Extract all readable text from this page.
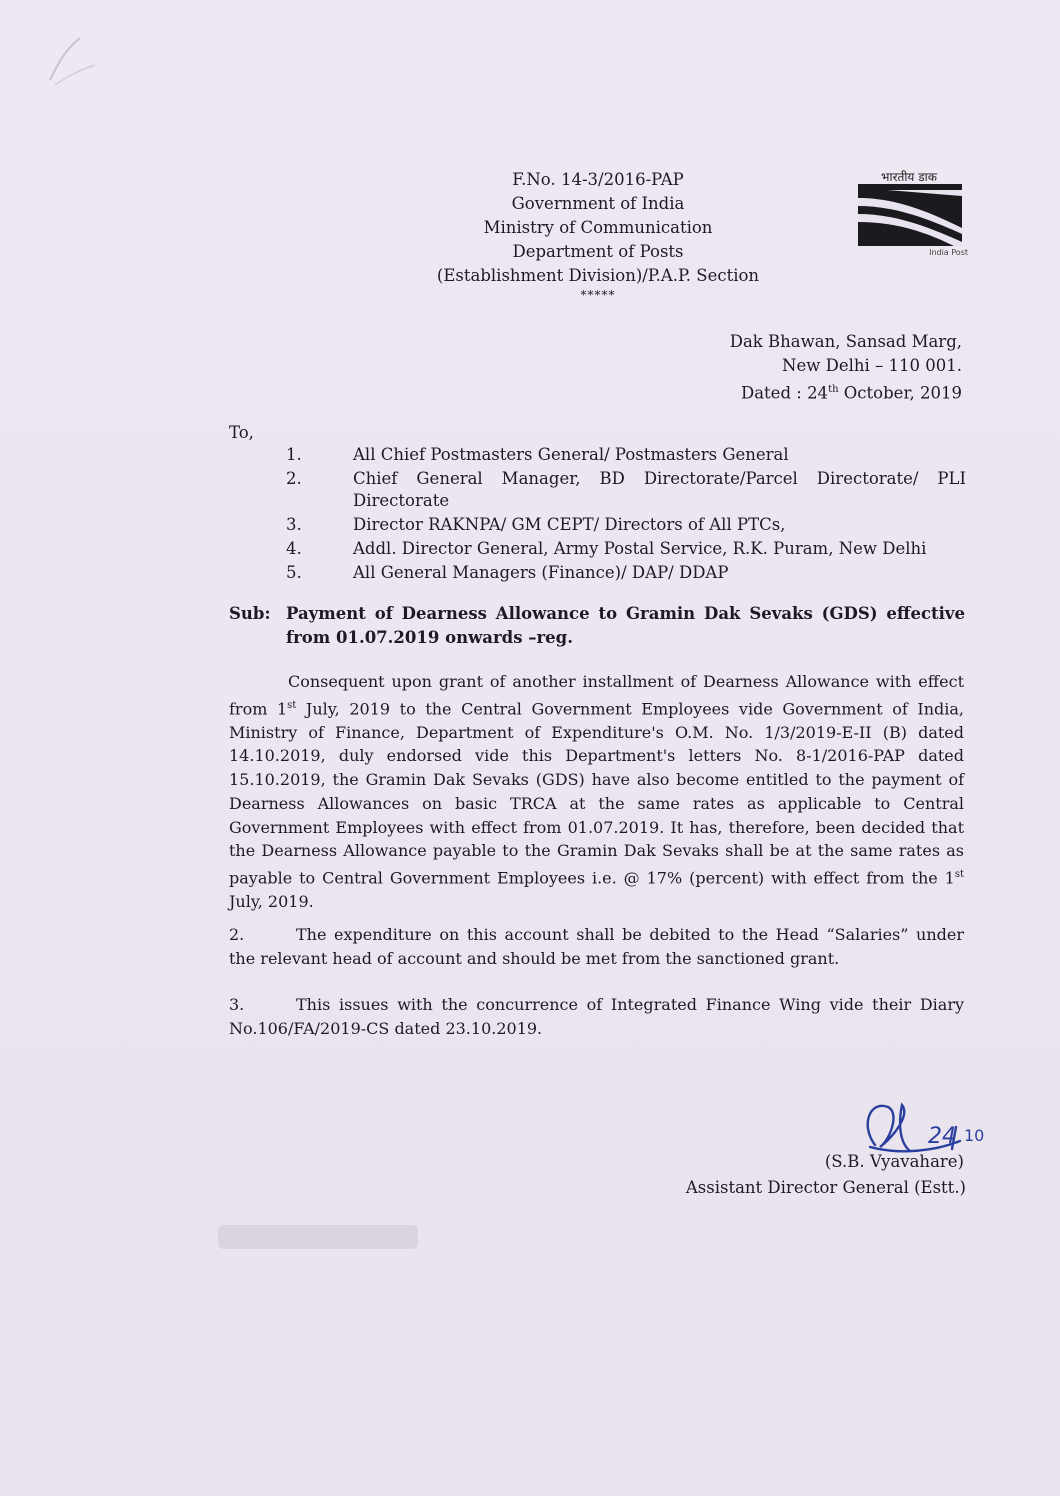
F.No. 14-3/2016-PAP
Government of India
Ministry of Communication
Department of Posts
(Establishment Division)/P.A.P. Section
*****
भारतीय डाक
India Post
Dak Bhawan, Sansad Marg,
New Delhi – 110 001.
Dated : 24th October, 2019
To,
1.	All Chief Postmasters General/ Postmasters General
2.	Chief General Manager, BD Directorate/Parcel Directorate/ PLI Directorate
3.	Director RAKNPA/ GM CEPT/ Directors of All PTCs,
4.	Addl. Director General, Army Postal Service, R.K. Puram, New Delhi
5.	All General Managers (Finance)/ DAP/ DDAP
Sub: Payment of Dearness Allowance to Gramin Dak Sevaks (GDS) effective from 01.07.2019 onwards –reg.
Consequent upon grant of another installment of Dearness Allowance with effect from 1st July, 2019 to the Central Government Employees vide Government of India, Ministry of Finance, Department of Expenditure's O.M. No. 1/3/2019-E-II (B) dated 14.10.2019, duly endorsed vide this Department's letters No. 8-1/2016-PAP dated 15.10.2019, the Gramin Dak Sevaks (GDS) have also become entitled to the payment of Dearness Allowances on basic TRCA at the same rates as applicable to Central Government Employees with effect from 01.07.2019. It has, therefore, been decided that the Dearness Allowance payable to the Gramin Dak Sevaks shall be at the same rates as payable to Central Government Employees i.e. @ 17% (percent) with effect from the 1st July, 2019.
2.	The expenditure on this account shall be debited to the Head “Salaries” under the relevant head of account and should be met from the sanctioned grant.
3.	This issues with the concurrence of Integrated Finance Wing vide their Diary No.106/FA/2019-CS dated 23.10.2019.
24 10
(S.B. Vyavahare)
Assistant Director General (Estt.)
